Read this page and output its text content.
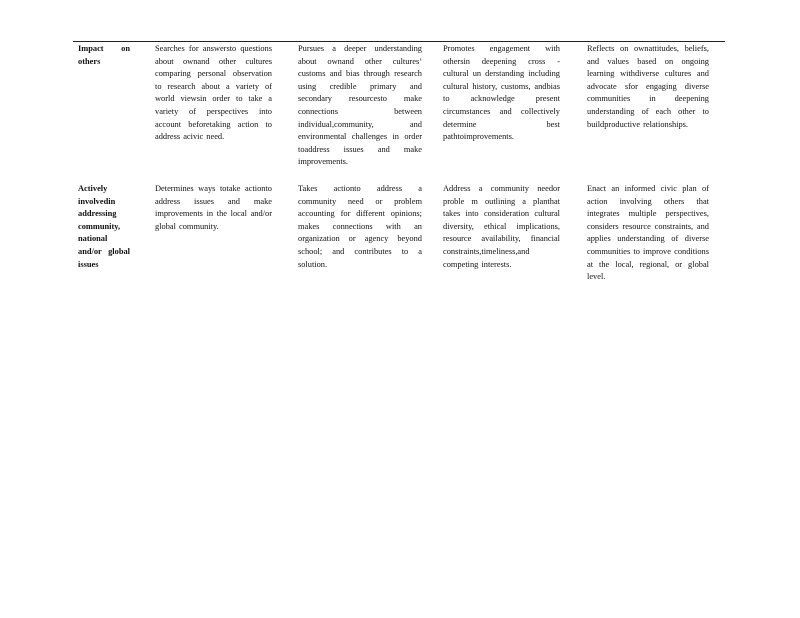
Impact on others
Searches for answersto questions about ownand other cultures comparing personal observation to research about a variety of world viewsin order to take a variety of perspectives into account beforetaking action to address acivic need.
Pursues a deeper understanding about ownand other cultures’ customs and bias through research using credible primary and secondary resourcesto make connections between individual,community, and environmental challenges in order toaddress issues and make improvements.
Promotes engagement with othersin deepening cross - cultural un derstanding including cultural history, customs, andbias to acknowledge present circumstances and collectively determine best pathtoimprovements.
Reflects on ownattitudes, beliefs, and values based on ongoing learning withdiverse cultures and advocate sfor engaging diverse communities in deepening understanding of each other to buildproductive relationships.
Actively involvedin addressing community, national and/or global issues
Determines ways totake actionto address issues and make improvements in the local and/or global community.
Takes actionto address a community need or problem accounting for different opinions; makes connections with an organization or agency beyond school; and contributes to a solution.
Address a community needor proble m outlining a planthat takes into consideration cultural diversity, ethical implications, resource availability, financial constraints,timeliness,and competing interests.
Enact an informed civic plan of action involving others that integrates multiple perspectives, considers resource constraints, and applies understanding of diverse communities to improve conditions at the local, regional, or global level.
